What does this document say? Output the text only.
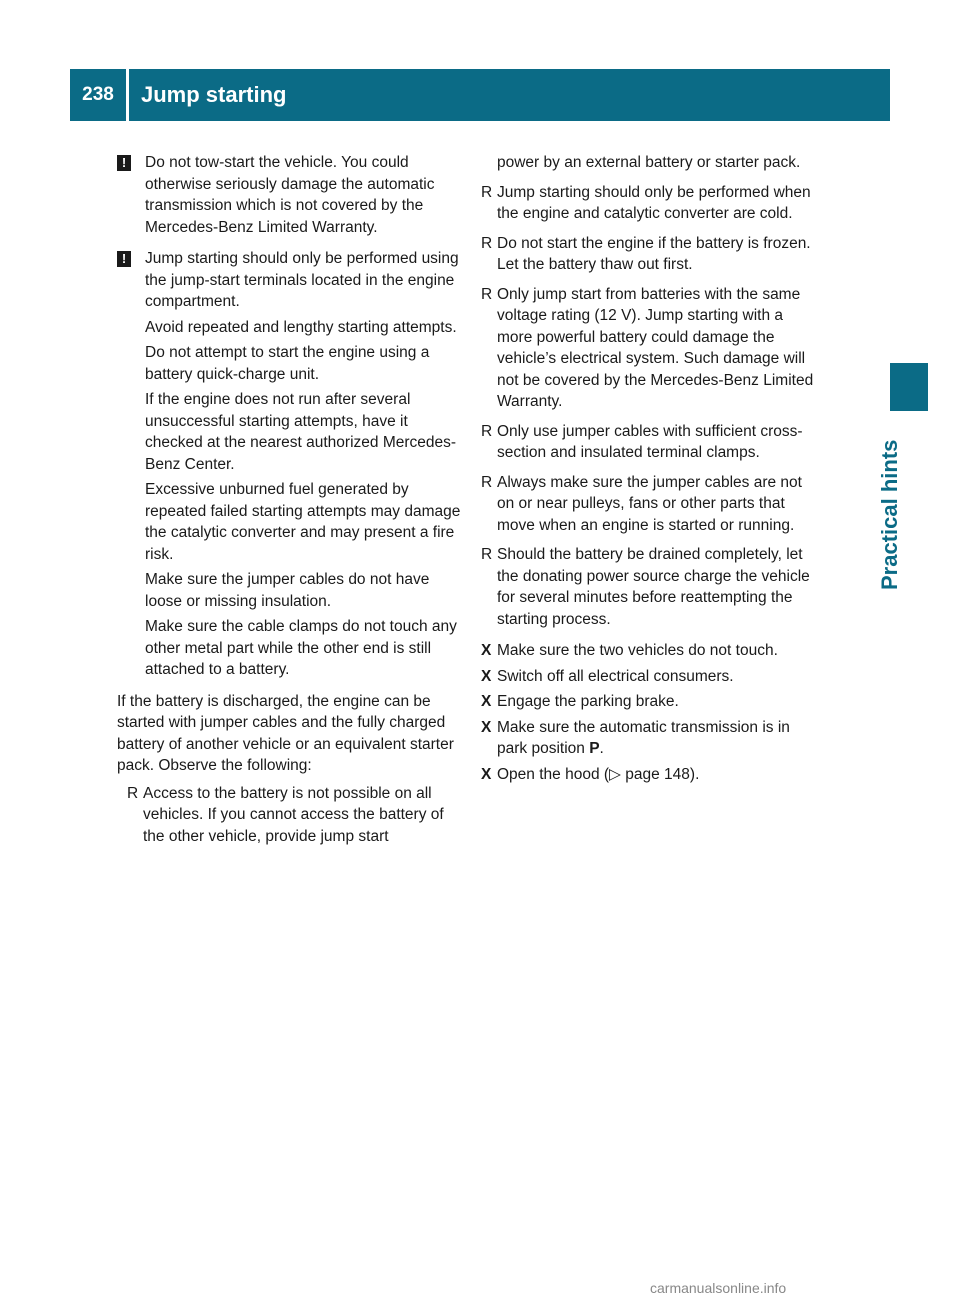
238	Jump starting
Practical hints
!	Do not tow-start the vehicle. You could otherwise seriously damage the automatic transmission which is not covered by the Mercedes-Benz Limited Warranty.

!	Jump starting should only be performed using the jump-start terminals located in the engine compartment.

Avoid repeated and lengthy starting attempts.

Do not attempt to start the engine using a battery quick-charge unit.

If the engine does not run after several unsuccessful starting attempts, have it checked at the nearest authorized Mercedes-Benz Center.

Excessive unburned fuel generated by repeated failed starting attempts may damage the catalytic converter and may present a fire risk.

Make sure the jumper cables do not have loose or missing insulation.

Make sure the cable clamps do not touch any other metal part while the other end is still attached to a battery.

If the battery is discharged, the engine can be started with jumper cables and the fully charged battery of another vehicle or an equivalent starter pack. Observe the following:

R Access to the battery is not possible on all vehicles. If you cannot access the battery of the other vehicle, provide jump start
power by an external battery or starter pack.
R Jump starting should only be performed when the engine and catalytic converter are cold.
R Do not start the engine if the battery is frozen. Let the battery thaw out first.
R Only jump start from batteries with the same voltage rating (12 V). Jump starting with a more powerful battery could damage the vehicle’s electrical system. Such damage will not be covered by the Mercedes-Benz Limited Warranty.
R Only use jumper cables with sufficient cross-section and insulated terminal clamps.
R Always make sure the jumper cables are not on or near pulleys, fans or other parts that move when an engine is started or running.
R Should the battery be drained completely, let the donating power source charge the vehicle for several minutes before reattempting the starting process.
X Make sure the two vehicles do not touch.
X Switch off all electrical consumers.
X Engage the parking brake.
X Make sure the automatic transmission is in park position P.
X Open the hood (▷ page 148).
carmanualsonline.info
